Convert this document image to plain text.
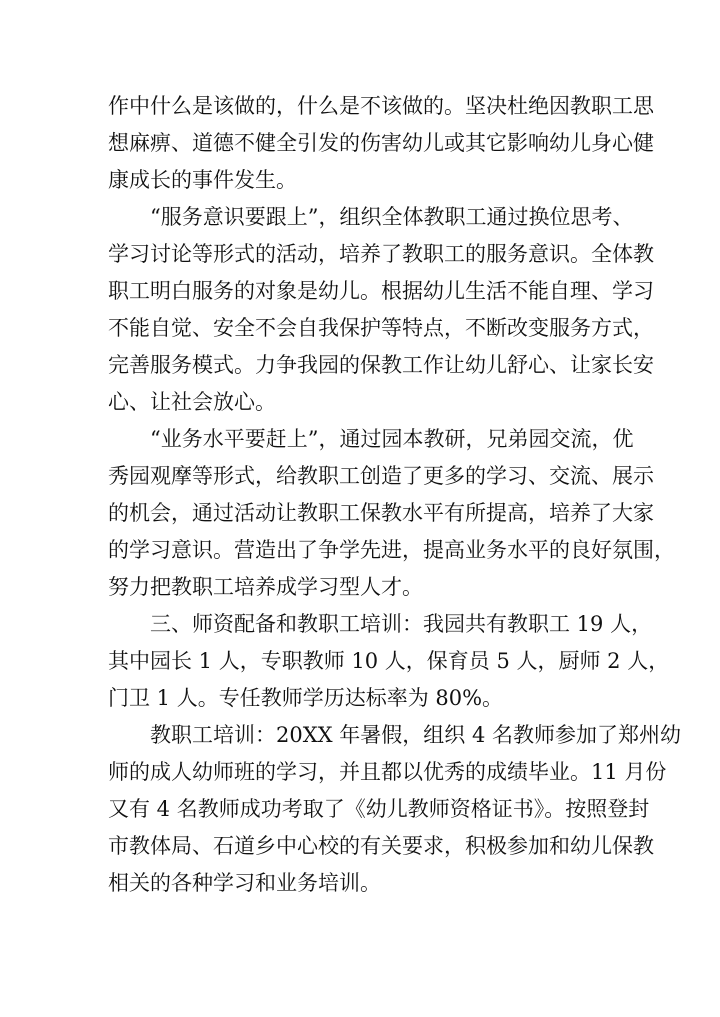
作中什么是该做的，什么是不该做的。坚决杜绝因教职工思
想麻痹、道德不健全引发的伤害幼儿或其它影响幼儿身心健
康成长的事件发生。
“服务意识要跟上”，组织全体教职工通过换位思考、
学习讨论等形式的活动，培养了教职工的服务意识。全体教
职工明白服务的对象是幼儿。根据幼儿生活不能自理、学习
不能自觉、安全不会自我保护等特点，不断改变服务方式，
完善服务模式。力争我园的保教工作让幼儿舒心、让家长安
心、让社会放心。
“业务水平要赶上”，通过园本教研，兄弟园交流，优
秀园观摩等形式，给教职工创造了更多的学习、交流、展示
的机会，通过活动让教职工保教水平有所提高，培养了大家
的学习意识。营造出了争学先进，提高业务水平的良好氛围，
努力把教职工培养成学习型人才。
三、师资配备和教职工培训：我园共有教职工 19 人，
其中园长 1 人，专职教师 10 人，保育员 5 人，厨师 2 人，
门卫 1 人。专任教师学历达标率为 80%。
教职工培训：20XX 年暑假，组织 4 名教师参加了郑州幼
师的成人幼师班的学习，并且都以优秀的成绩毕业。11 月份
又有 4 名教师成功考取了《幼儿教师资格证书》。按照登封
市教体局、石道乡中心校的有关要求，积极参加和幼儿保教
相关的各种学习和业务培训。
